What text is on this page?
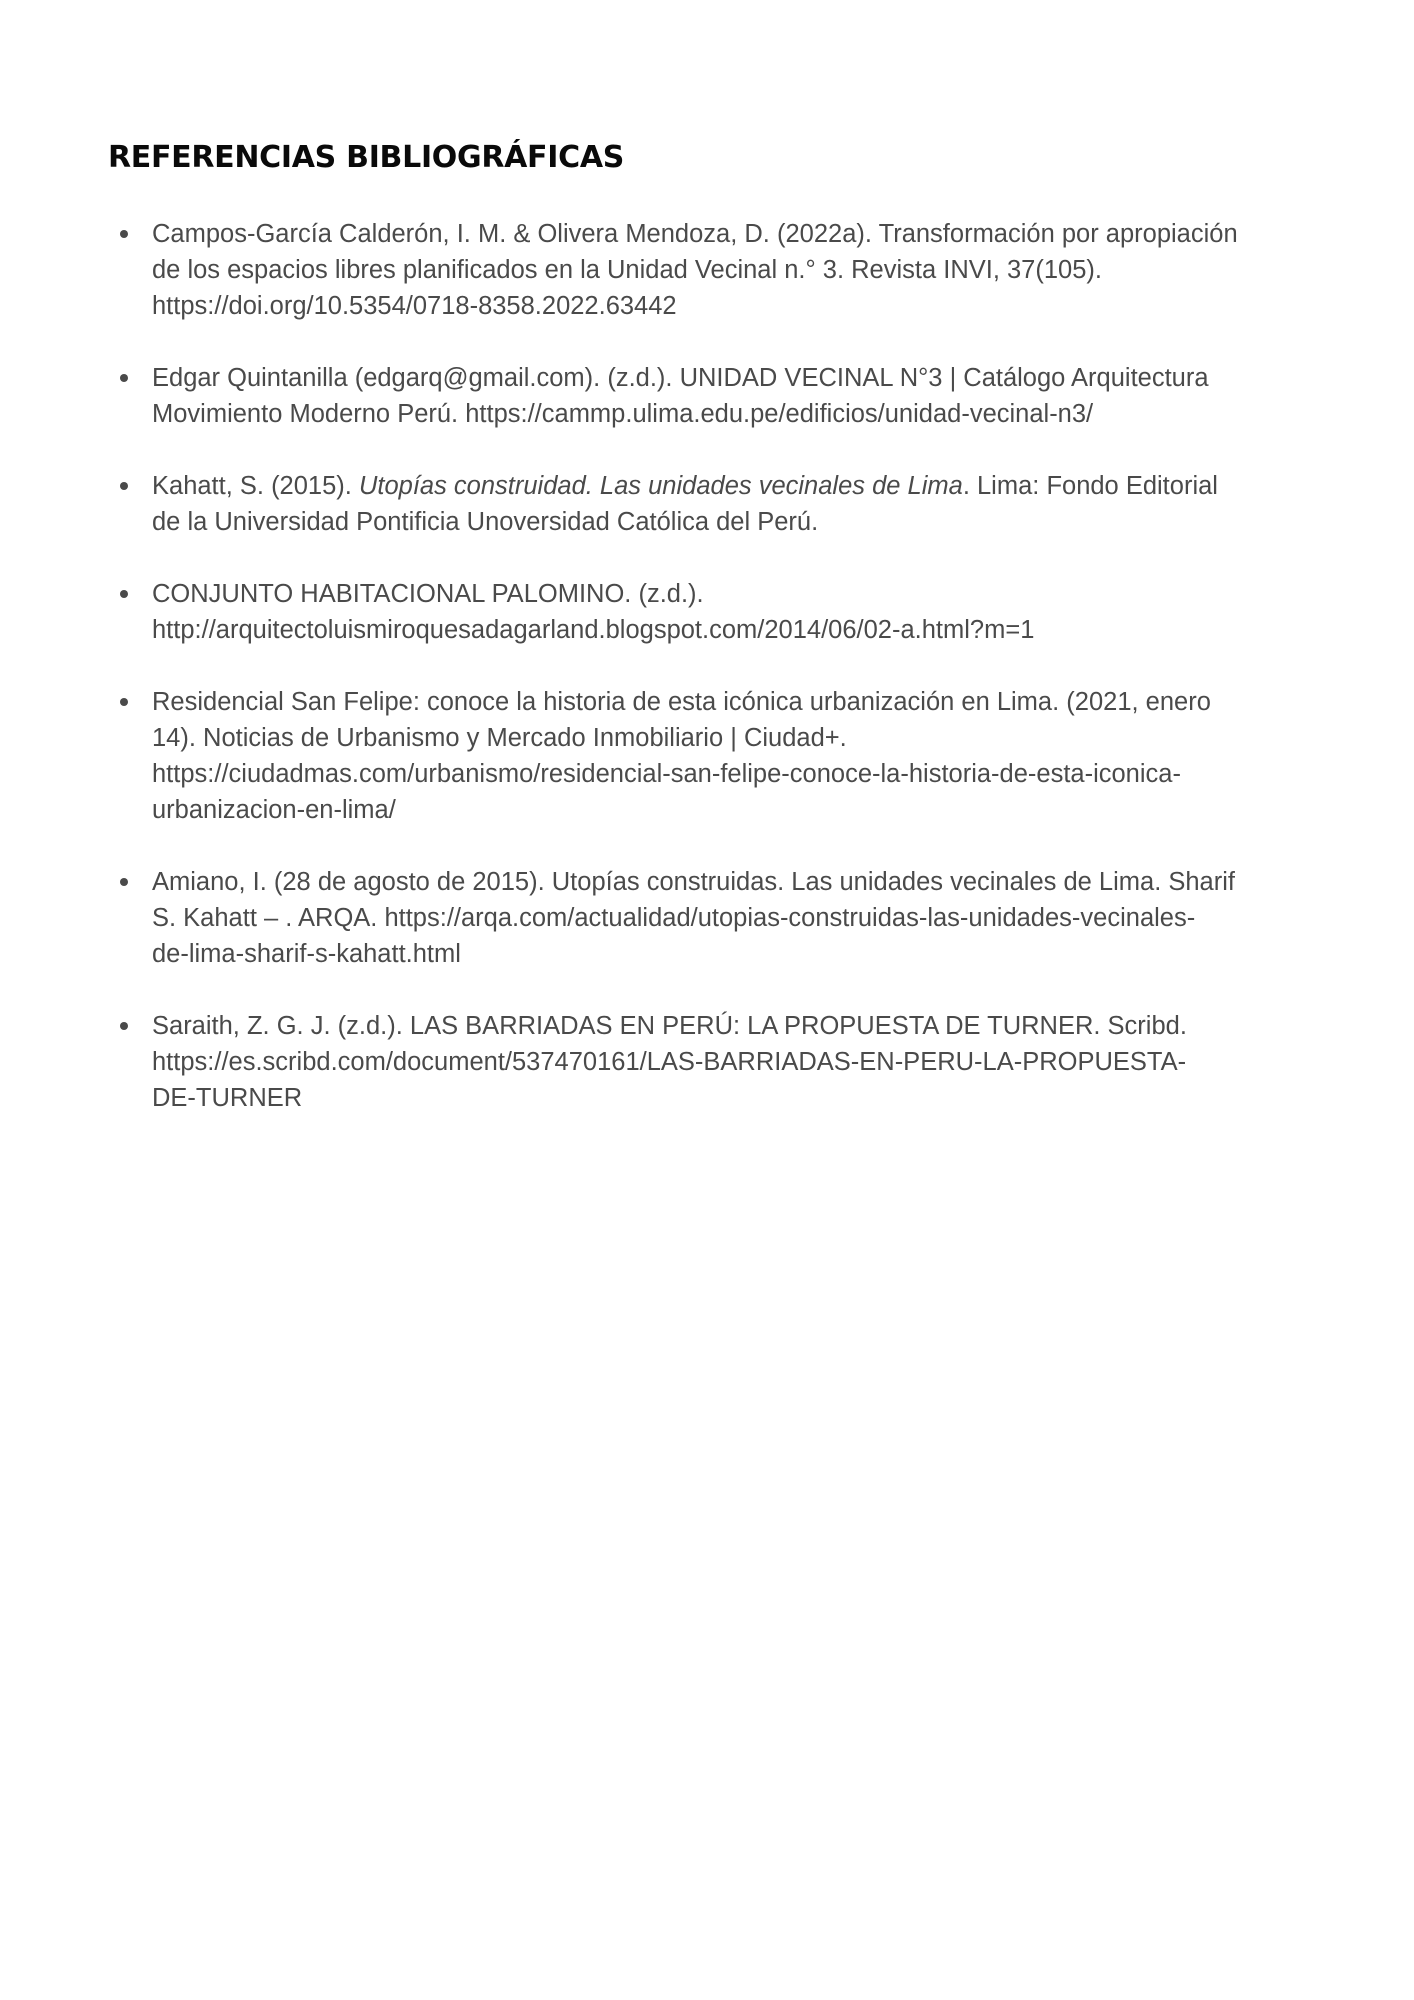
REFERENCIAS BIBLIOGRÁFICAS
Campos-García Calderón, I. M. & Olivera Mendoza, D. (2022a). Transformación por apropiación
de los espacios libres planificados en la Unidad Vecinal n.° 3. Revista INVI, 37(105).
https://doi.org/10.5354/0718-8358.2022.63442
Edgar Quintanilla (edgarq@gmail.com). (z.d.). UNIDAD VECINAL N°3 | Catálogo Arquitectura
Movimiento Moderno Perú. https://cammp.ulima.edu.pe/edificios/unidad-vecinal-n3/
Kahatt, S. (2015). Utopías construidad. Las unidades vecinales de Lima. Lima: Fondo Editorial
de la Universidad Pontificia Unoversidad Católica del Perú.
CONJUNTO HABITACIONAL PALOMINO. (z.d.).
http://arquitectoluismiroquesadagarland.blogspot.com/2014/06/02-a.html?m=1
Residencial San Felipe: conoce la historia de esta icónica urbanización en Lima. (2021, enero
14). Noticias de Urbanismo y Mercado Inmobiliario | Ciudad+.
https://ciudadmas.com/urbanismo/residencial-san-felipe-conoce-la-historia-de-esta-iconica-
urbanizacion-en-lima/
Amiano, I. (28 de agosto de 2015). Utopías construidas. Las unidades vecinales de Lima. Sharif
S. Kahatt – . ARQA. https://arqa.com/actualidad/utopias-construidas-las-unidades-vecinales-
de-lima-sharif-s-kahatt.html
Saraith, Z. G. J. (z.d.). LAS BARRIADAS EN PERÚ: LA PROPUESTA DE TURNER. Scribd.
https://es.scribd.com/document/537470161/LAS-BARRIADAS-EN-PERU-LA-PROPUESTA-
DE-TURNER
